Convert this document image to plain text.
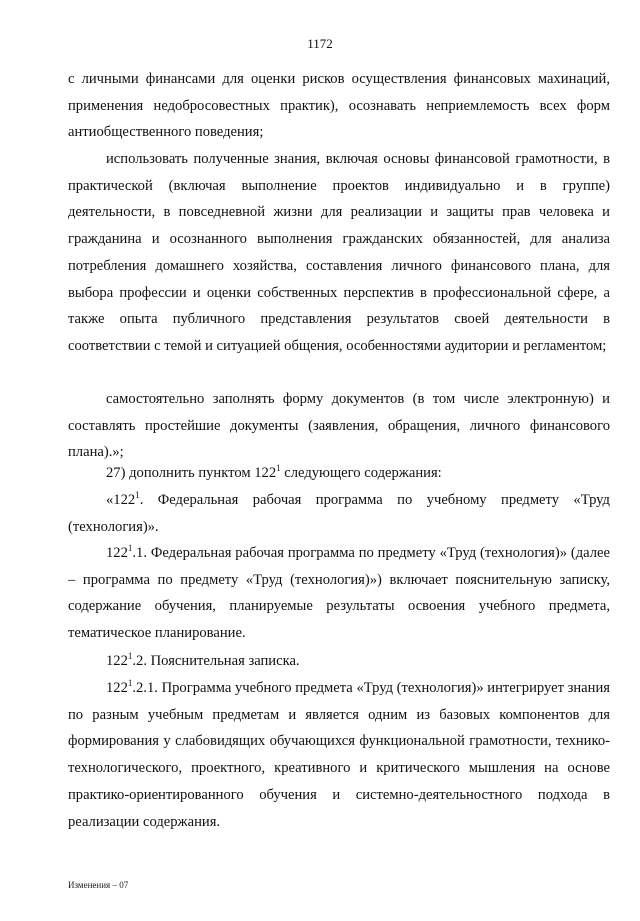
1172

с личными финансами для оценки рисков осуществления финансовых махинаций, применения недобросовестных практик), осознавать неприемлемость всех форм антиобщественного поведения;

использовать полученные знания, включая основы финансовой грамотности, в практической (включая выполнение проектов индивидуально и в группе) деятельности, в повседневной жизни для реализации и защиты прав человека и гражданина и осознанного выполнения гражданских обязанностей, для анализа потребления домашнего хозяйства, составления личного финансового плана, для выбора профессии и оценки собственных перспектив в профессиональной сфере, а также опыта публичного представления результатов своей деятельности в соответствии с темой и ситуацией общения, особенностями аудитории и регламентом;

самостоятельно заполнять форму документов (в том числе электронную) и составлять простейшие документы (заявления, обращения, личного финансового плана).»;

27) дополнить пунктом $122^1$ следующего содержания:

«$122^1$. Федеральная рабочая программа по учебному предмету «Труд (технология)».

$122^1.1$. Федеральная рабочая программа по предмету «Труд (технология)» (далее – программа по предмету «Труд (технология)») включает пояснительную записку, содержание обучения, планируемые результаты освоения учебного предмета, тематическое планирование.

$122^1.2$. Пояснительная записка.

$122^1.2.1$. Программа учебного предмета «Труд (технология)» интегрирует знания по разным учебным предметам и является одним из базовых компонентов для формирования у слабовидящих обучающихся функциональной грамотности, технико-технологического, проектного, креативного и критического мышления на основе практико-ориентированного обучения и системно-деятельностного подхода в реализации содержания.

Изменения – 07
